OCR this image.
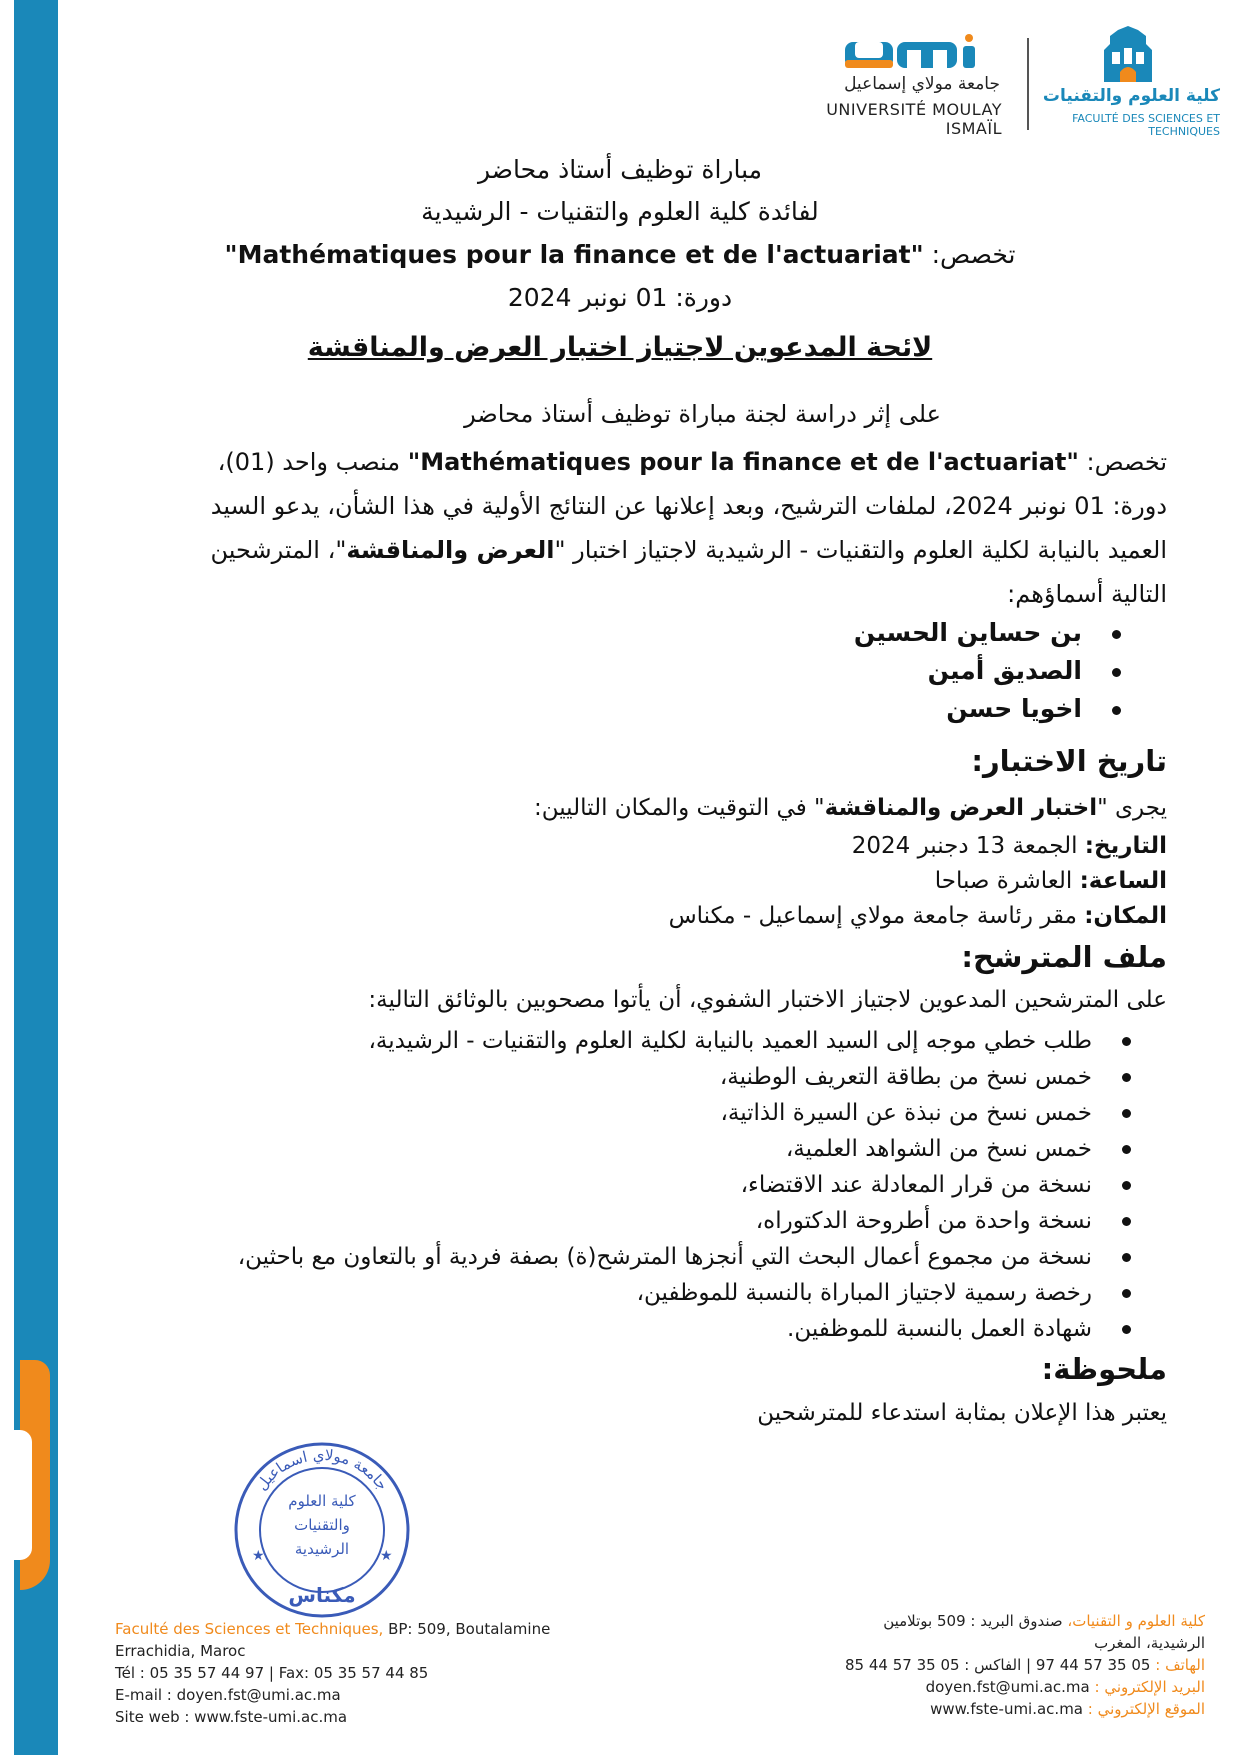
جامعة مولاي إسماعيل
UNIVERSITÉ MOULAY ISMAÏL
كلية العلوم والتقنيات
FACULTÉ DES SCIENCES ET TECHNIQUES
مباراة توظيف أستاذ محاضر
لفائدة كلية العلوم والتقنيات - الرشيدية
تخصص: "Mathématiques pour la finance et de l'actuariat"
دورة: 01 نونبر 2024
لائحة المدعوين لاجتياز اختبار العرض والمناقشة
على إثر دراسة لجنة مباراة توظيف أستاذ محاضر
تخصص: "Mathématiques pour la finance et de l'actuariat" منصب واحد (01)،
دورة: 01 نونبر 2024، لملفات الترشيح، وبعد إعلانها عن النتائج الأولية في هذا الشأن، يدعو السيد
العميد بالنيابة لكلية العلوم والتقنيات - الرشيدية لاجتياز اختبار "العرض والمناقشة"، المترشحين
التالية أسماؤهم:
بن حساين الحسين
الصديق أمين
اخويا حسن
تاريخ الاختبار:
يجرى "اختبار العرض والمناقشة" في التوقيت والمكان التاليين:
التاريخ: الجمعة 13 دجنبر 2024
الساعة: العاشرة صباحا
المكان: مقر رئاسة جامعة مولاي إسماعيل - مكناس
ملف المترشح:
على المترشحين المدعوين لاجتياز الاختبار الشفوي، أن يأتوا مصحوبين بالوثائق التالية:
طلب خطي موجه إلى السيد العميد بالنيابة لكلية العلوم والتقنيات - الرشيدية،
خمس نسخ من بطاقة التعريف الوطنية،
خمس نسخ من نبذة عن السيرة الذاتية،
خمس نسخ من الشواهد العلمية،
نسخة من قرار المعادلة عند الاقتضاء،
نسخة واحدة من أطروحة الدكتوراه،
نسخة من مجموع أعمال البحث التي أنجزها المترشح(ة) بصفة فردية أو بالتعاون مع باحثين،
رخصة رسمية لاجتياز المباراة بالنسبة للموظفين،
شهادة العمل بالنسبة للموظفين.
ملحوظة:
يعتبر هذا الإعلان بمثابة استدعاء للمترشحين
جامعة مولاي اسماعيل
كلية العلوم
والتقنيات
الرشيدية
مكناس
★	★
Faculté des Sciences et Techniques, BP: 509, Boutalamine
Errachidia, Maroc
Tél : 05 35 57 44 97 | Fax: 05 35 57 44 85
E-mail : doyen.fst@umi.ac.ma
Site web : www.fste-umi.ac.ma
كلية العلوم و التقنيات، صندوق البريد : 509 بوتلامين
الرشيدية، المغرب
الهاتف : 05 35 57 44 97 | الفاكس : 05 35 57 44 85
البريد الإلكتروني : doyen.fst@umi.ac.ma
الموقع الإلكتروني : www.fste-umi.ac.ma
